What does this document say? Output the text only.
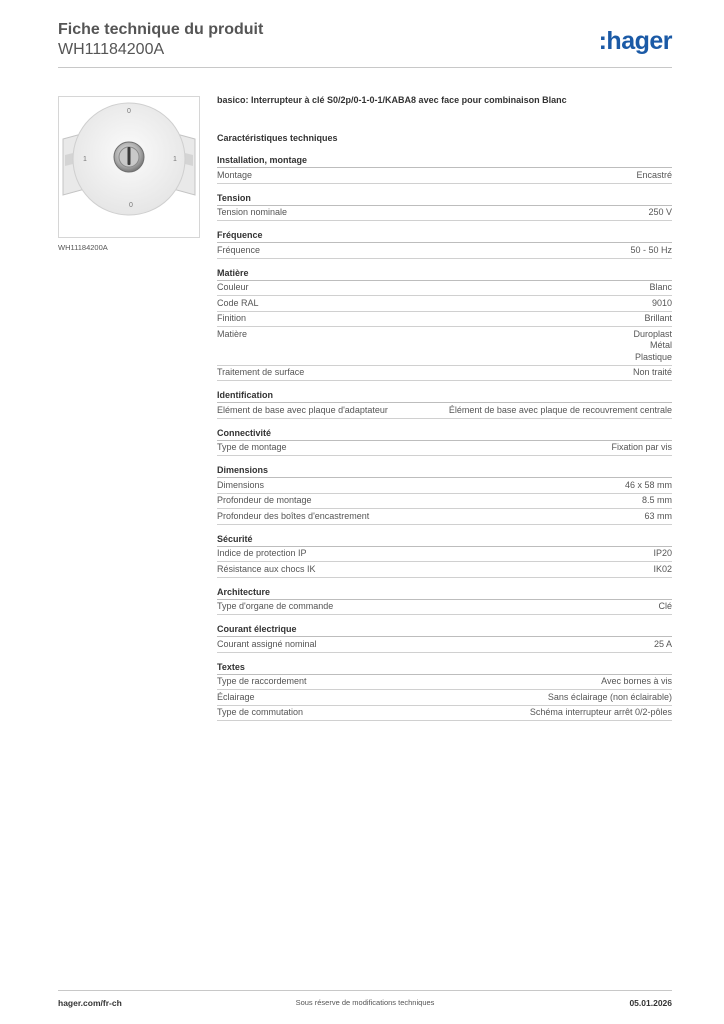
Fiche technique du produit
WH11184200A	:hager
0
1	1
0
WH11184200A
basico: Interrupteur à clé S0/2p/0-1-0-1/KABA8 avec face pour combinaison Blanc
Caractéristiques techniques
Installation, montage
Montage	Encastré
Tension
Tension nominale	250 V
Fréquence
Fréquence	50 - 50 Hz
Matière
Couleur	Blanc
Code RAL	9010
Finition	Brillant
Matière	Duroplast
Métal
Plastique
Traitement de surface	Non traité
Identification
Elément de base avec plaque d'adaptateur	Élément de base avec plaque de recouvrement centrale
Connectivité
Type de montage	Fixation par vis
Dimensions
Dimensions	46 x 58 mm
Profondeur de montage	8.5 mm
Profondeur des boîtes d'encastrement	63 mm
Sécurité
Indice de protection IP	IP20
Résistance aux chocs IK	IK02
Architecture
Type d'organe de commande	Clé
Courant électrique
Courant assigné nominal	25 A
Textes
Type de raccordement	Avec bornes à vis
Éclairage	Sans éclairage (non éclairable)
Type de commutation	Schéma interrupteur arrêt 0/2-pôles
hager.com/fr-ch	Sous réserve de modifications techniques	05.01.2026
